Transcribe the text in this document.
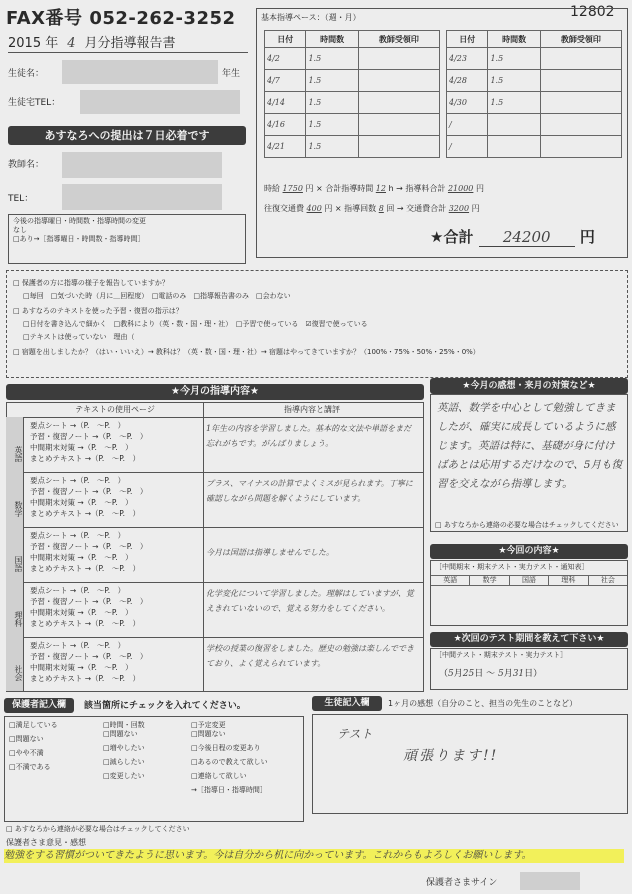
FAX番号 052-262-3252	12802
2015 年 4 月分指導報告書
生徒名：	年生
生徒宅TEL：
あすなろへの提出は７日必着です
教師名：
TEL：
今後の指導曜日・時間数・指導時間の変更
なし
□あり→［指導曜日・時間数・指導時間］
基本指導ペース：（週・月）
日付	時間数	教師受領印
4/2	1.5	
4/7	1.5	
4/14	1.5	
4/16	1.5	
4/21	1.5	
日付	時間数	教師受領印
4/23	1.5	
4/28	1.5	
4/30	1.5	
/		
/		
時給 1750 円 × 合計指導時間 12 h → 指導料合計 21000 円
往復交通費 400 円 × 指導回数 8 回 → 交通費合計 3200 円
★合計 24200 円
□ 保護者の方に指導の様子を報告していますか？
□毎回　□気づいた時（月に＿回程度）　□電話のみ　□指導報告書のみ　□会わない
□ あすなろのテキストを使った予習・復習の指示は？
□日付を書き込んで細かく　□教科により（英・数・国・理・社）　□予習で使っている　☑復習で使っている
□テキストは使っていない　理由（
□ 宿題を出しましたか？（はい・いいえ）→ 教科は？（英・数・国・理・社）→ 宿題はやってきていますか？（100%・75%・50%・25%・0%）
★今月の指導内容★	★今月の感想・来月の対策など★
テキストの使用ページ	指導内容と講評
英語
要点シート →（P.　〜P.　）
予習・復習ノート →（P.　〜P.　）
中間期末対策 →（P.　〜P.　）
まとめテキスト →（P.　〜P.　）
1年生の内容を学習しました。基本的な文法や単語をまだ忘れがちです。がんばりましょう。
数学
要点シート →（P.　〜P.　）
予習・復習ノート →（P.　〜P.　）
中間期末対策 →（P.　〜P.　）
まとめテキスト →（P.　〜P.　）
プラス、マイナスの計算でよくミスが見られます。丁寧に確認しながら問題を解くようにしています。
国語
要点シート →（P.　〜P.　）
予習・復習ノート →（P.　〜P.　）
中間期末対策 →（P.　〜P.　）
まとめテキスト →（P.　〜P.　）
今月は国語は指導しませんでした。
理科
要点シート →（P.　〜P.　）
予習・復習ノート →（P.　〜P.　）
中間期末対策 →（P.　〜P.　）
まとめテキスト →（P.　〜P.　）
化学変化について学習しました。理解はしていますが、覚えきれていないので、覚える努力をしてください。
社会
要点シート →（P.　〜P.　）
予習・復習ノート →（P.　〜P.　）
中間期末対策 →（P.　〜P.　）
まとめテキスト →（P.　〜P.　）
学校の授業の復習をしました。歴史の勉強は楽しんでできており、よく覚えられています。
英語、数学を中心として勉強してきましたが、確実に成長しているように感じます。英語は特に、基礎が身に付けばあとは応用するだけなので、5月も復習を交えながら指導します。
□ あすなろから連絡の必要な場合はチェックしてください
★今回の内容★
［中間期末・期末テスト・実力テスト・通知表］
英語	数学	国語	理科	社会
★次回のテスト期間を教えて下さい★
［中間テスト・期末テスト・実力テスト］
（5月25日 〜 5月31日）
保護者記入欄	該当箇所にチェックを入れてください。
□満足している
□問題ない
□やや不満
□不満である
□時間・回数
□問題ない
□増やしたい
□減らしたい
□変更したい
□予定変更
□問題ない
□今後日程の変更あり
□あるので教えて欲しい
□連絡して欲しい
→［指導日・指導時間］
□ あすなろから連絡が必要な場合はチェックしてください
生徒記入欄	1ヶ月の感想（自分のこと、担当の先生のことなど）
テスト
頑張ります!!
保護者さま意見・感想
勉強をする習慣がついてきたように思います。今は自分から机に向かっています。これからもよろしくお願いします。
保護者さまサイン
